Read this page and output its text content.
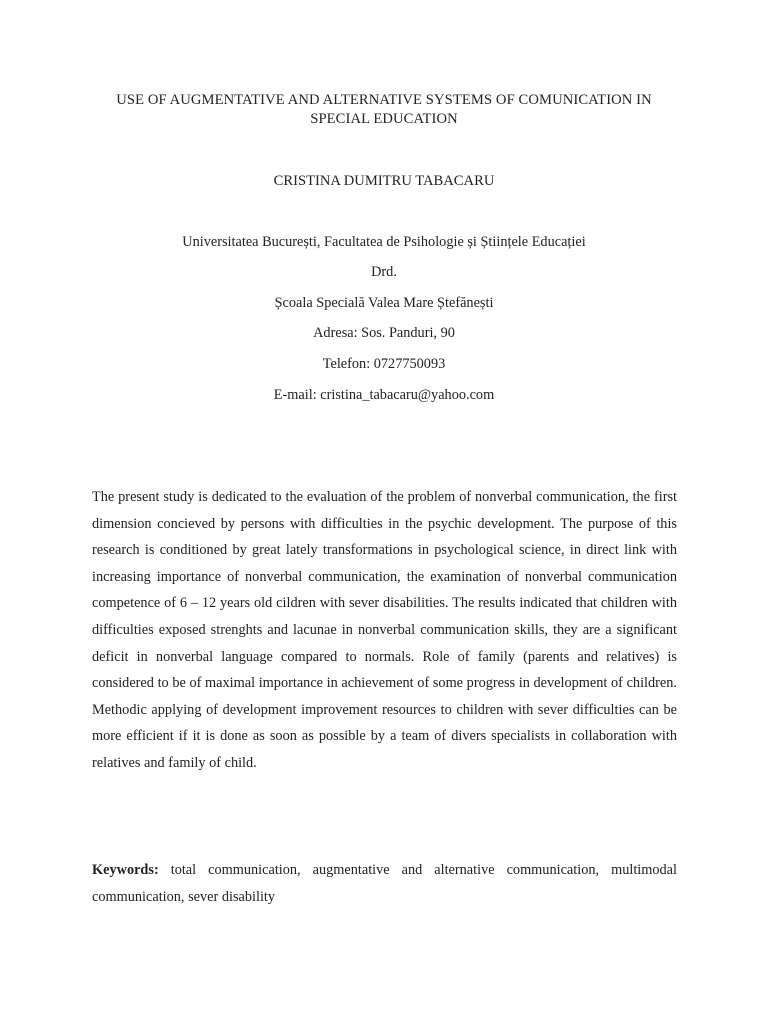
USE OF AUGMENTATIVE AND ALTERNATIVE SYSTEMS OF COMUNICATION IN
SPECIAL EDUCATION
CRISTINA DUMITRU TABACARU
Universitatea București, Facultatea de Psihologie și Științele Educației
Drd.
Școala Specială Valea Mare Ștefănești
Adresa: Sos. Panduri, 90
Telefon: 0727750093
E-mail: cristina_tabacaru@yahoo.com

The present study is dedicated to the evaluation of the problem of nonverbal communication, the first dimension concieved by persons with difficulties in the psychic development. The purpose of this research is conditioned by great lately transformations in psychological science, in direct link with increasing importance of nonverbal communication, the examination of nonverbal communication competence of 6 – 12 years old cildren with sever disabilities. The results indicated that children with difficulties exposed strenghts and lacunae in nonverbal communication skills, they are a significant deficit in nonverbal language compared to normals. Role of family (parents and relatives) is considered to be of maximal importance in achievement of some progress in development of children. Methodic applying of development improvement resources to children with sever difficulties can be more efficient if it is done as soon as possible by a team of divers specialists in collaboration with relatives and family of child.

Keywords: total communication, augmentative and alternative communication, multimodal communication, sever disability
